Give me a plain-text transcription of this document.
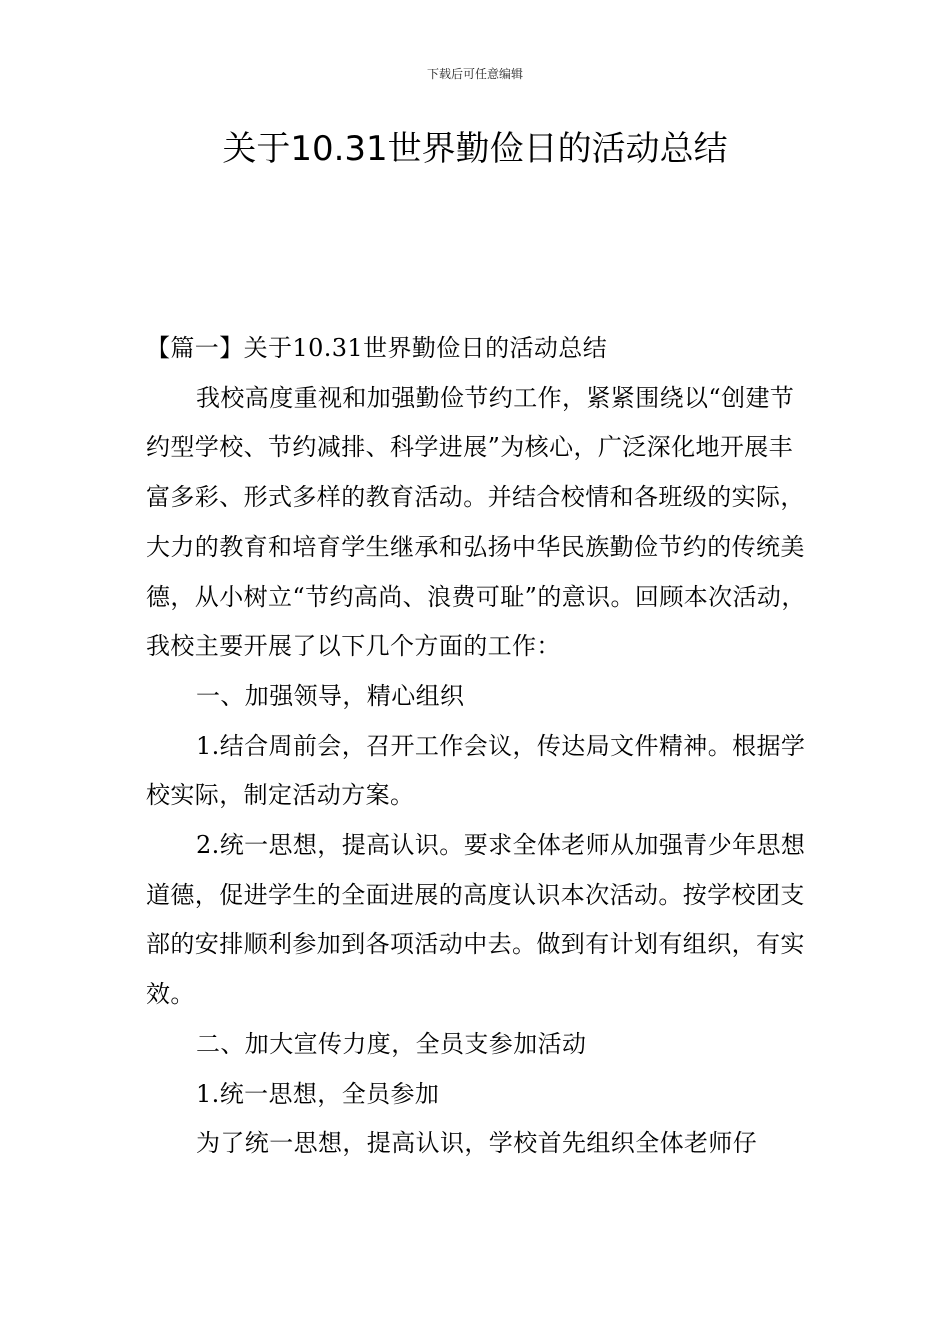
下载后可任意编辑
关于10.31世界勤俭日的活动总结

【篇一】关于10.31世界勤俭日的活动总结

我校高度重视和加强勤俭节约工作，紧紧围绕以“创建节约型学校、节约减排、科学进展”为核心，广泛深化地开展丰富多彩、形式多样的教育活动。并结合校情和各班级的实际，大力的教育和培育学生继承和弘扬中华民族勤俭节约的传统美德，从小树立“节约高尚、浪费可耻”的意识。回顾本次活动，我校主要开展了以下几个方面的工作：

一、加强领导，精心组织

1.结合周前会，召开工作会议，传达局文件精神。根据学校实际，制定活动方案。

2.统一思想，提高认识。要求全体老师从加强青少年思想道德，促进学生的全面进展的高度认识本次活动。按学校团支部的安排顺利参加到各项活动中去。做到有计划有组织，有实效。

二、加大宣传力度，全员支参加活动

1.统一思想，全员参加

为了统一思想，提高认识，学校首先组织全体老师仔
